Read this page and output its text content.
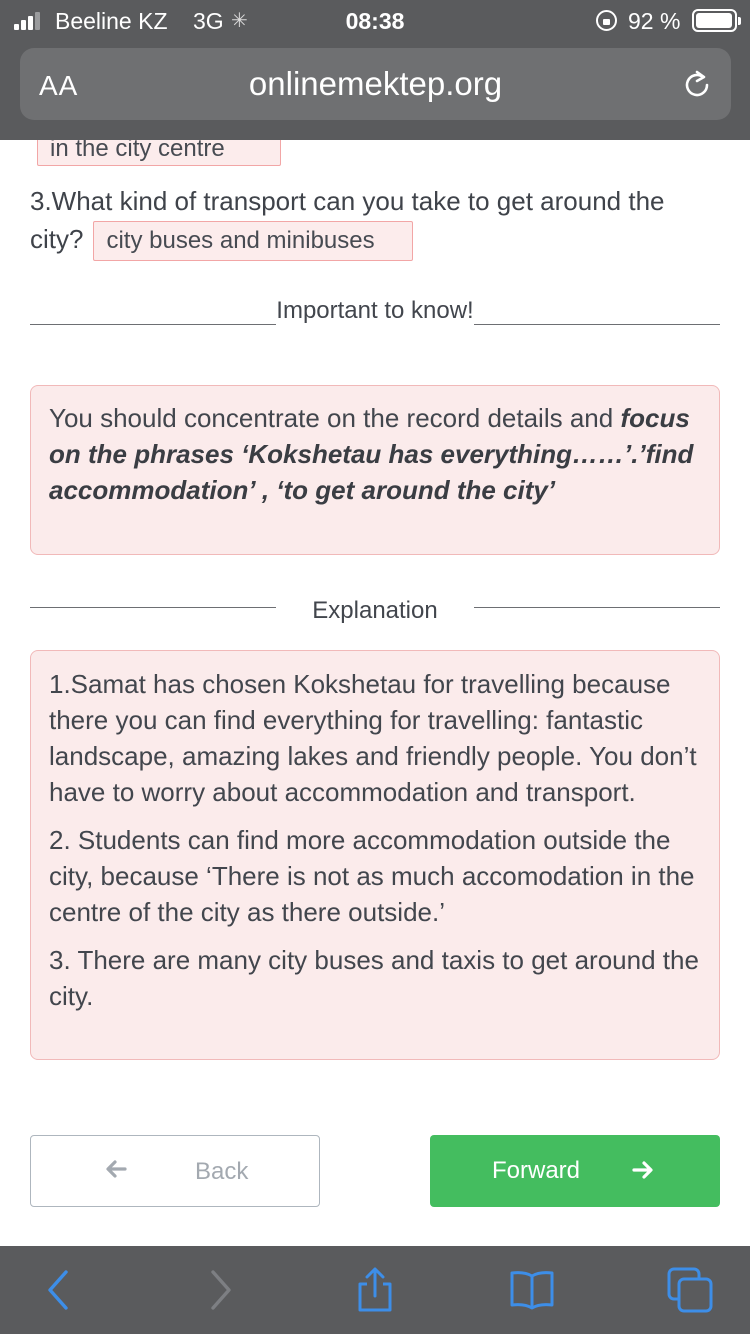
Beeline KZ 3G ✳	08:38	92 %
AA	onlinemektep.org
in the city centre
3.What kind of transport can you take to get around the city? city buses and minibuses
Important to know!
You should concentrate on the record details and focus on the phrases ‘Kokshetau has everything……’.’find accommodation’ , ‘to get around the city’
Explanation

1.Samat has chosen Kokshetau for travelling because there you can find everything for travelling: fantastic landscape, amazing lakes and friendly people. You don’t have to worry about accommodation and transport.

2. Students can find more accommodation outside the city, because ‘There is not as much accomodation in the centre of the city as there outside.’

3. There are many city buses and taxis to get around the city.

Back	Forward
